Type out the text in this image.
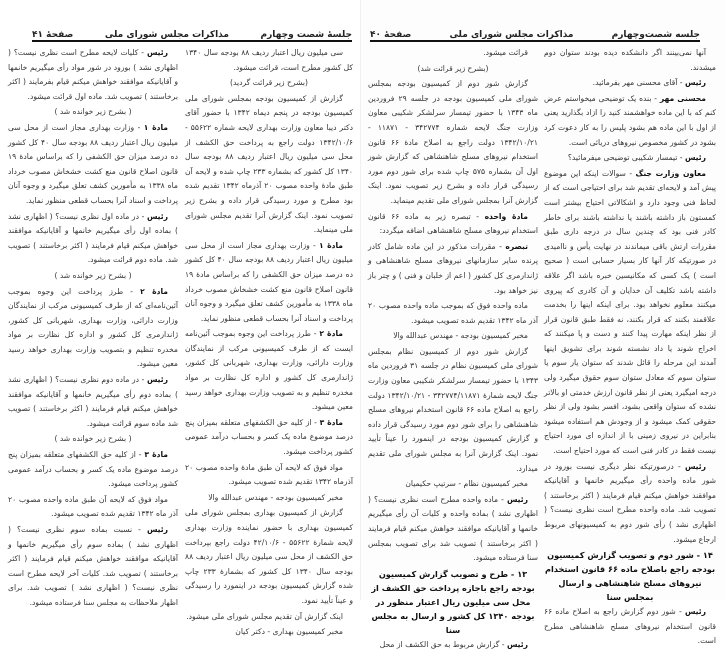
جلسهٔ شصت وچهارم
مذاکرات مجلس شورای ملی
صفحهٔ ۴۱

سی میلیون ریال اعتبار ردیف ۸۸ بودجه سال ۱۳۴۰ کل کشور مطرح است، قرائت میشود.

(بشرح زیر قرائت گردید)

گزارش از کمیسیون بودجه بمجلس شورای ملی کمیسیون بودجه در پنجم دیماه ۱۳۴۲ با حضور آقای دکتر دیبا معاون وزارت بهداری لایحه شماره ۵۵۶۲۲ - ۱۳۴۲/۱۰/۶ دولت راجع به پرداخت حق الکشف از محل سی میلیون ریال اعتبار ردیف ۸۸ بودجه سال ۱۳۴۰ کل کشور که بشماره ۲۳۳ چاپ شده و لایحه آن طبق مادهٔ واحده مصوب ۲۰ آذرماه ۱۳۴۲ تقدیم شده بود مطرح و مورد رسیدگی قرار داده و بشرح زیر تصویب نمود. اینک گزارش آنرا تقدیم مجلس شورای ملی مینماید.

مادهٔ ۱ - وزارت بهداری مجاز است از محل سی میلیون ریال اعتبار ردیف ۸۸ بودجه سال ۴۰ کل کشور ده درصد میزان حق الکشفی را که براساس مادهٔ ۱۹ قانون اصلاح قانون منع کشت خشخاش مصوب خرداد ماه ۱۳۳۸ به مأمورین کشف تعلق میگیرد و وجوه آنان پرداخت و اسناد آنرا بحساب قطعی منظور نماید.

مادهٔ ۲ - طرز پرداخت این وجوه بموجب آئین‌نامه ایست که از طرف کمیسیونی مرکب از نمایندگان وزارت دارائی، وزارت بهداری، شهربانی کل کشور، ژاندارمری کل کشور و اداره کل نظارت بر مواد مخدره تنظیم و به تصویب وزارت بهداری خواهد رسید معین میشود.

مادهٔ ۳ - از کلیه حق الکشفهای متعلقه بمیزان پنج درصد موضوع ماده یک کسر و بحساب درآمد عمومی کشور پرداخت میشود.

مواد فوق که لایحه آن طبق مادهٔ واحده مصوب ۲۰ آذرماه ۱۳۴۲ تقدیم شده تصویب میشود.

مخبر کمیسیون بودجه - مهندس عبدالله والا

گزارش از کمیسیون بهداری بمجلس شورای ملی کمیسیون بهداری با حضور نماینده وزارت بهداری لایحه شمارهٔ ۵۵۶۲۲ - ۴۲/۱۰/۶ دولت راجع بپرداخت حق الکشف از محل سی میلیون ریال اعتبار ردیف ۸۸ بودجه سال ۱۳۴۰ کل کشور که بشمارهٔ ۲۳۳ چاپ شده گزارش کمیسیون بودجه در اینمورد را رسیدگی و عیناً تأیید نمود.

اینک گزارش آن تقدیم مجلس شورای ملی میشود.

مخبر کمیسیون بهداری - دکتر کیان

رئیس - کلیات لایحه مطرح است نظری نیست؟ ( اظهاری نشد ) بورود در شور مواد رأی میگیریم خانمها و آقایانیکه موافقند خواهش میکنم قیام بفرمایند ( اکثر برخاستند ) تصویب شد. ماده اول قرائت میشود.

( بشرح زیر خوانده شد )

مادهٔ ۱ - وزارت بهداری مجاز است از محل سی میلیون ریال اعتبار ردیف ۸۸ بودجه سال ۴۰ کل کشور ده درصد میزان حق الکشفی را که براساس مادهٔ ۱۹ قانون اصلاح قانون منع کشت خشخاش مصوب خرداد ماه ۱۳۳۸ به مأمورین کشف تعلق میگیرد و وجوه آنان پرداخت و اسناد آنرا بحساب قطعی منظور نماید.

رئیس - در ماده اول نظری نیست؟ ( اظهاری نشد ) بماده اول رأی میگیریم خانمها و آقایانیکه موافقند خواهش میکنم قیام فرمایند ( اکثر برخاستند ) تصویب شد. ماده دوم قرائت میشود.

( بشرح زیر خوانده شد )

مادهٔ ۲ - طرز پرداخت این وجوه بموجب آئین‌نامه‌ای که از طرف کمیسیونی مرکب از نمایندگان وزارت دارائی، وزارت بهداری، شهربانی کل کشور، ژاندارمری کل کشور و اداره کل نظارت بر مواد مخدره تنظیم و بتصویب وزارت بهداری خواهد رسید معین میشود.

رئیس - در ماده دوم نظری نیست؟ ( اظهاری نشد ) بماده دوم رأی میگیریم خانمها و آقایانیکه موافقند خواهش میکنم قیام فرمایند ( اکثر برخاستند ) تصویب شد ماده سوم قرائت میشود.

( بشرح زیر خوانده شد )

مادهٔ ۳ - از کلیه حق الکشفهای متعلقه بمیزان پنج درصد موضوع ماده یک کسر و بحساب درآمد عمومی کشور پرداخت میشود.

مواد فوق که لایحه آن طبق ماده واحده مصوب ۲۰ آذر ماه ۱۳۴۲ تقدیم شده تصویب میشود.

رئیس - نسبت بماده سوم نظری نیست؟ ( اظهاری نشد ) بماده سوم رأی میگیریم خانمها و آقایانیکه موافقند خواهش میکنم قیام فرمایند ( اکثر برخاستند ) تصویب شد. کلیات آخر لایحه مطرح است نظری نیست؟ ( اظهاری نشد ) تصویب شد. برای اظهار ملاحظات به مجلس سنا فرستاده میشود.

جلسه شصت‌وچهارم
مذاکرات مجلس شورای ملی
صفحهٔ ۴۰

آنها نمی‌بینند اگر دانشکده دیده بودند ستوان دوم میشدند.

رئیس - آقای محسنی مهر بفرمائید.

محسنی مهر - بنده یک توضیحی میخواستم عرض کنم که با این ماده خواهشمند کنید را ازاد بگذارید یعنی از اول با این ماده هم بشود پلیس را به کار دعوت کرد بشود در کشور مخصوص نیروهای دریائی است.

رئیس - تیمسار شکیبی توضیحی میفرمائید؟

معاون وزارت جنگ - سوالات اینکه این موضوع پیش آمد و لایحه‌ای تقدیم شد برای احتیاجی است که از لحاظ فنی وجود دارد و اشکالاتی احتیاج بیشتر است کمستون باز داشته باشند یا نداشته باشند برای خاطر کادر فنی بود که چندین سال در درجه داری طبق مقررات ارتش باقی میماندند در نهایت یأس و ناامیدی در صورتیکه کار آنها کار بسیار حسابی است ( صحیح است ) یک کسی که مکانیسین خبره باشد اگر علاقه داشته باشد تکلیف آن خدایان و آن کادری که پیروی میکنند معلوم نخواهد بود. برای اینکه اینها را بخدمت علاقمند بکنند که قرار بکنند، نه فقط طبق قانون قرار از نظر اینکه مهارت پیدا کنند و دست و پا میکنند که اخراج شوند یا داد نشسته شوند برای تشویق اینها آمدند این مرحله را قائل شدند که ستوان یار سوم یا ستوان سوم که معادل ستوان سوم حقوق میگیرد ولی درجه امیگیرد یعنی از نظر قانون ارزش خدمتی او بالاتر نشده که ستوان واقعی بشود، افسر بشود ولی از نظر حقوقی کمک میشود و از وجودش هم استفاده میشود بنابراین در نیروی زمینی با از اندازه ای مورد احتیاج نیست فقط در کادر فنی است که مورد احتیاج است.

رئیس - درصورتیکه نظر دیگری نیست بورود در شور ماده واحده رأی میگیریم خانمها و آقایانیکه موافقند خواهش میکنم قیام فرمایند ( اکثر برخاستند ) تصویب شد. ماده واحده مطرح است نظری نیست؟ ( اظهاری نشد ) رأی شور دوم به کمیسیونهای مربوط ارجاع میشود.

۱۴ - شور دوم و تصویب گزارش کمیسیون بودجه راجع باصلاح ماده ۶۶ قانون استخدام نیروهای مسلح شاهنشاهی و ارسال بمجلس سنا

رئیس - شور دوم گزارش راجع به اصلاح ماده ۶۶ قانون استخدام نیروهای مسلح شاهنشاهی مطرح است.

قرائت میشود.

(بشرح زیر قرائت شد)

گزارش شور دوم از کمیسیون بودجه بمجلس شورای ملی کمیسیون بودجه در جلسه ۲۹ فروردین ماه ۱۳۴۳ با حضور تیمسار سرلشکر شکیبی معاون وزارت جنگ لایحه شماره ۳۴۲۷۷۴ - ۱۱۸۷۱ - ۱۳۴۲/۱۰/۲۱ دولت راجع به اصلاح مادهٔ ۶۶ قانون استخدام نیروهای مسلح شاهنشاهی که گزارش شور اول آن بشماره ۵۷۵ چاپ شده برای شور دوم مورد رسیدگی قرار داده و بشرح زیر تصویب نمود. اینک گزارش آنرا بمجلس شورای ملی تقدیم مینماید.

مادهٔ واحده - تبصره زیر به ماده ۶۶ قانون استخدام نیروهای مسلح شاهنشاهی اضافه میگردد:

تبصره - مقررات مذکور در این ماده شامل کادر پرنده سایر سازمانهای نیروهای مسلح شاهنشاهی و ژاندارمری کل کشور ( اعم از خلبان و فنی ) و چتر باز نیز خواهد بود.

ماده واحده فوق که بموجب ماده واحده مصوب ۲۰ آذر ماه ۱۳۴۲ تقدیم شده تصویب میشود.

مخبر کمیسیون بودجه - مهندس عبدالله والا

گزارش شور دوم از کمیسیون نظام بمجلس شورای ملی کمیسیون نظام در جلسه ۳۱ فروردین ماه ۱۳۴۳ با حضور تیمسار سرلشکر شکیبی معاون وزارت جنگ لایحه شمارهٔ ۳۴۲۷۷۴/۱۱۸۷۱ - ۱۳۴۲/۱۰/۲۱ دولت راجع به اصلاح ماده ۶۶ قانون استخدام نیروهای مسلح شاهنشاهی را برای شور دوم مورد رسیدگی قرار داده و گزارش کمیسیون بودجه در اینمورد را عیناً تأیید نمود. اینک گزارش آنرا به مجلس شورای ملی تقدیم میدارد.

مخبر کمیسیون نظام - سرتیپ حکیمیان

رئیس - ماده واحده مطرح است نظری نیست؟ ( اظهاری نشد ) بماده واحده و کلیات آن رأی میگیریم خانمها و آقایانیکه موافقند خواهش میکنم قیام فرمایند ( اکثر برخاستند ) تصویب شد برای تصویب بمجلس سنا فرستاده میشود.

۱۳ - طرح و تصویب گزارش کمیسیون بودجه راجع باجازه پرداخت حق الکشف از محل سی میلیون ریال اعتبار منظور در بودجه ۱۳۴۰ کل کشور و ارسال به مجلس سنا

رئیس - گزارش مربوط به حق الکشف از محل
